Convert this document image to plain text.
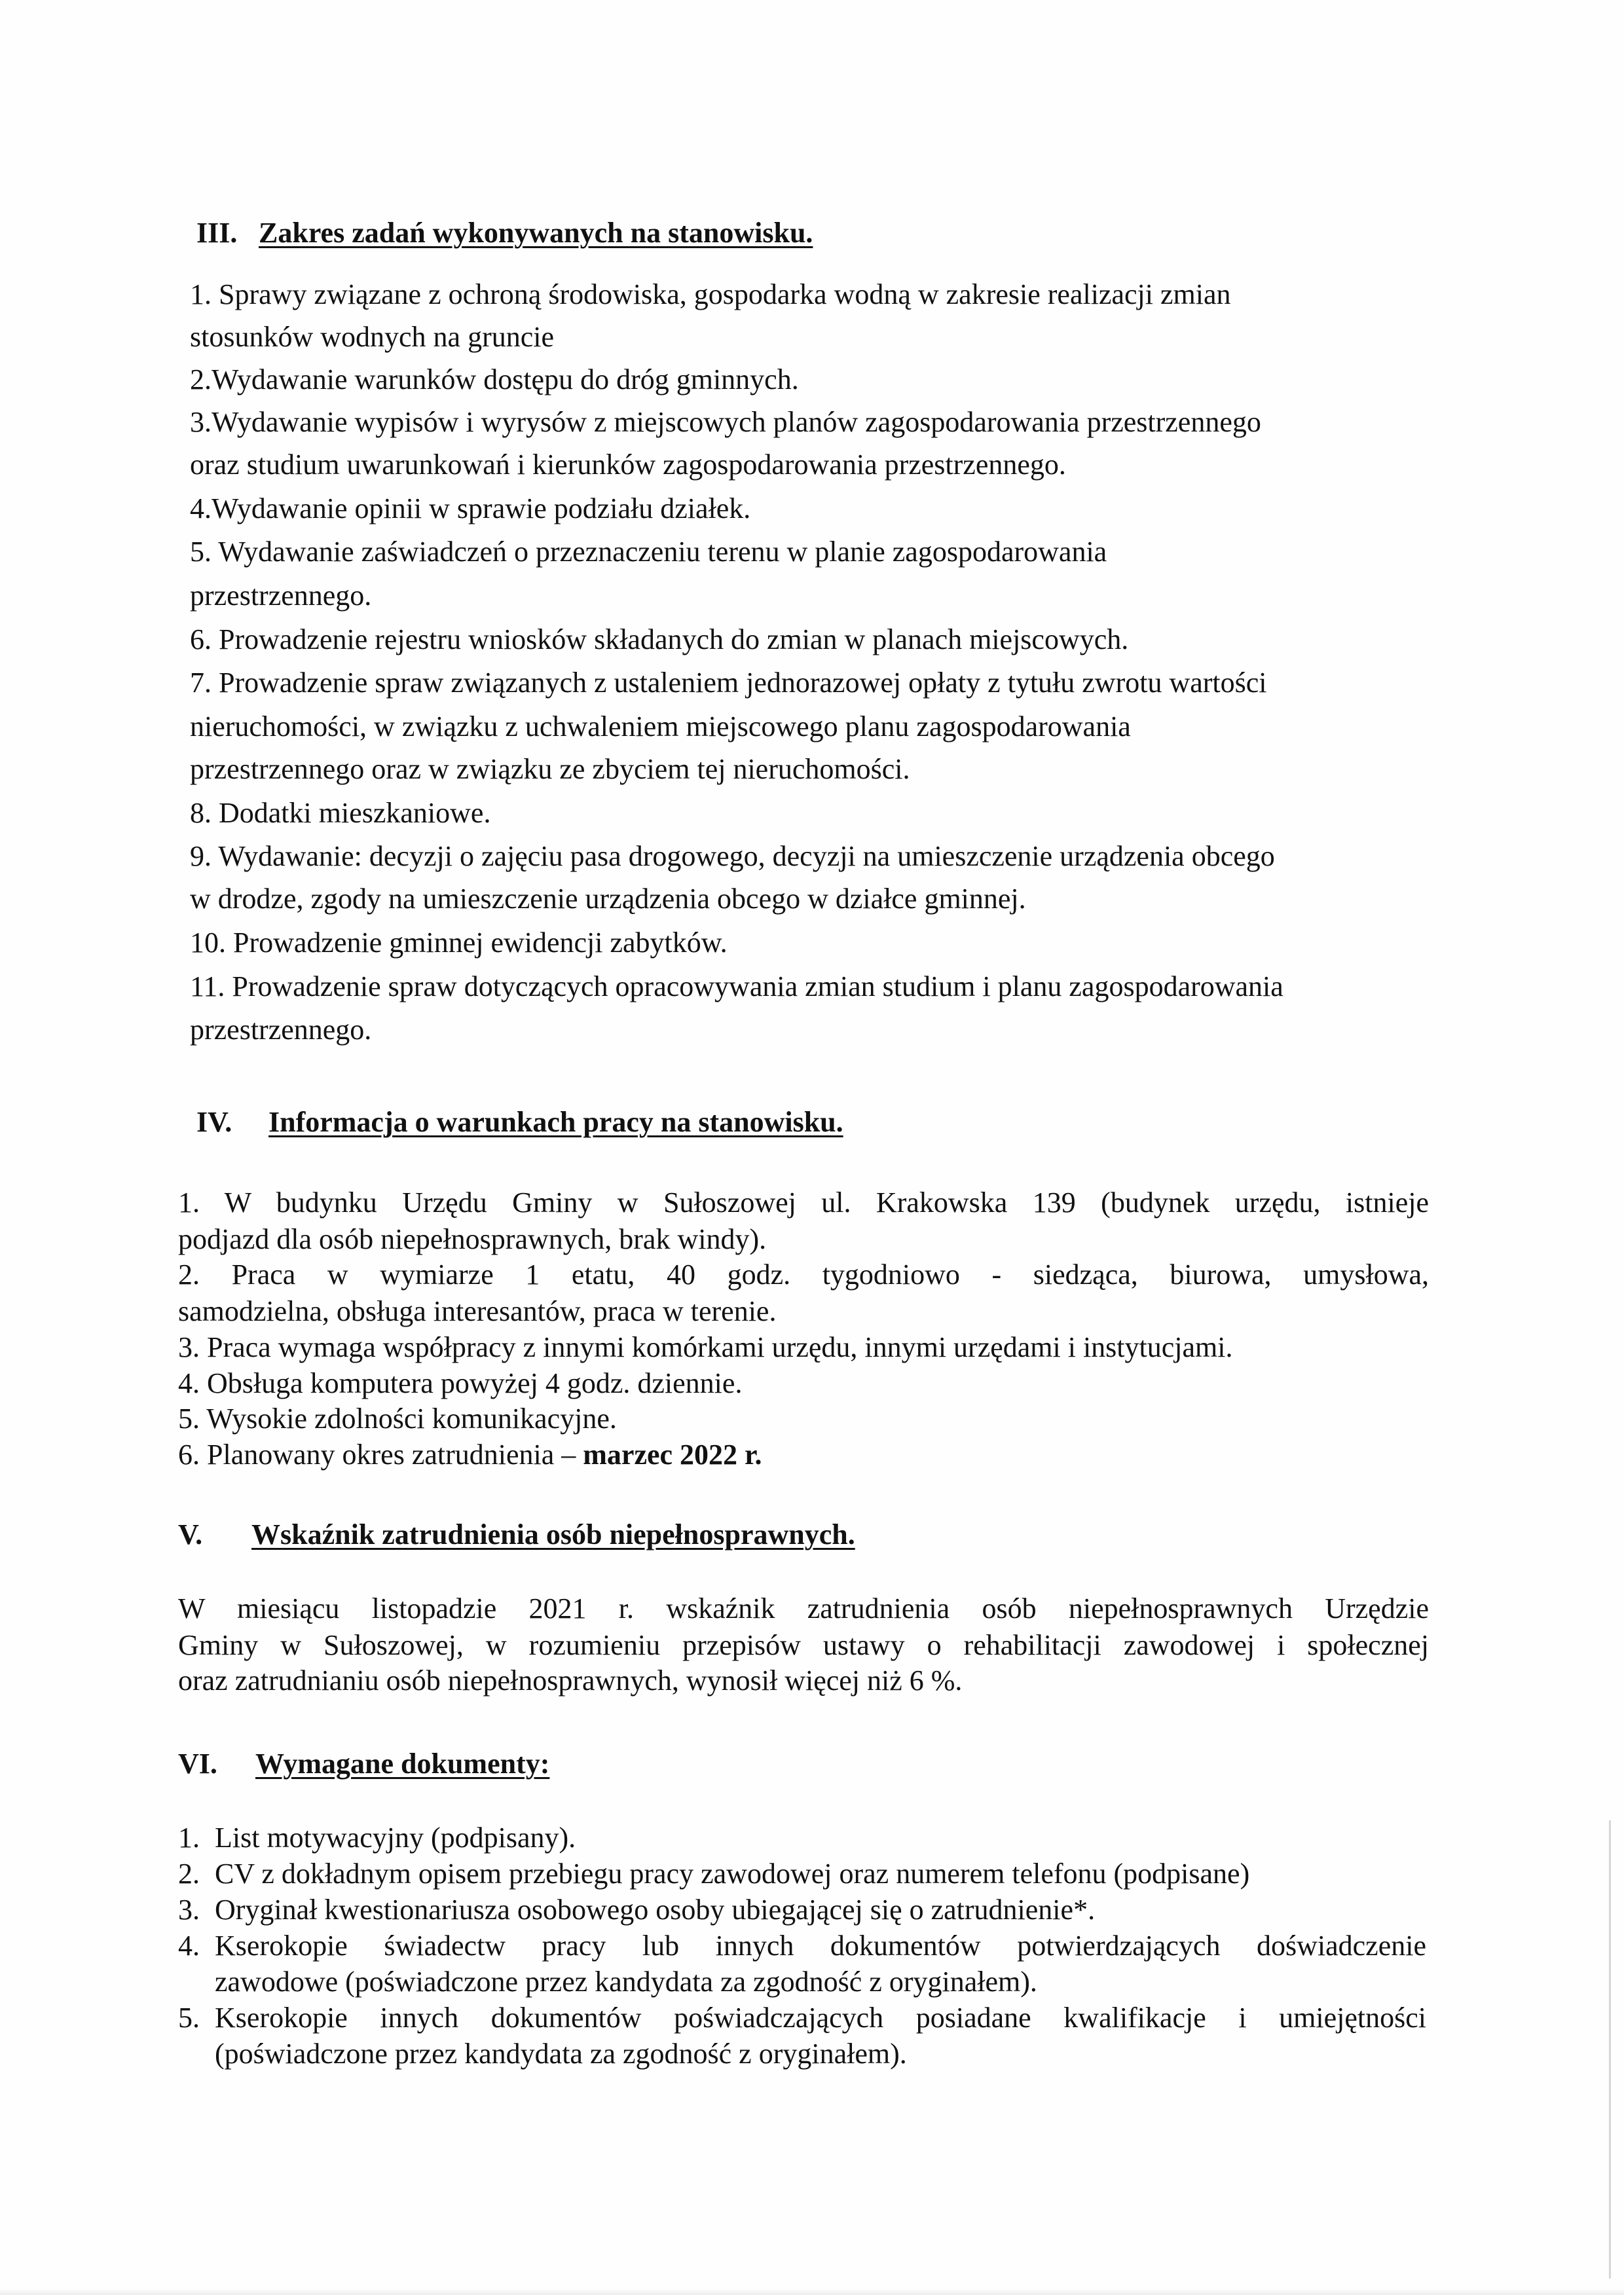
III. Zakres zadań wykonywanych na stanowisku.
1. Sprawy związane z ochroną środowiska, gospodarka wodną w zakresie realizacji zmian
stosunków wodnych na gruncie
2.Wydawanie warunków dostępu do dróg gminnych.
3.Wydawanie wypisów i wyrysów z miejscowych planów zagospodarowania przestrzennego
oraz studium uwarunkowań i kierunków zagospodarowania przestrzennego.
4.Wydawanie opinii w sprawie podziału działek.
5. Wydawanie zaświadczeń o przeznaczeniu terenu w planie zagospodarowania
przestrzennego.
6. Prowadzenie rejestru wniosków składanych do zmian w planach miejscowych.
7. Prowadzenie spraw związanych z ustaleniem jednorazowej opłaty z tytułu zwrotu wartości
nieruchomości, w związku z uchwaleniem miejscowego planu zagospodarowania
przestrzennego oraz w związku ze zbyciem tej nieruchomości.
8. Dodatki mieszkaniowe.
9. Wydawanie: decyzji o zajęciu pasa drogowego, decyzji na umieszczenie urządzenia obcego
w drodze, zgody na umieszczenie urządzenia obcego w działce gminnej.
10. Prowadzenie gminnej ewidencji zabytków.
11. Prowadzenie spraw dotyczących opracowywania zmian studium i planu zagospodarowania
przestrzennego.
IV. Informacja o warunkach pracy na stanowisku.
1. W budynku Urzędu Gminy w Sułoszowej ul. Krakowska 139 (budynek urzędu, istnieje
podjazd dla osób niepełnosprawnych, brak windy).
2. Praca w wymiarze 1 etatu, 40 godz. tygodniowo - siedząca, biurowa, umysłowa,
samodzielna, obsługa interesantów, praca w terenie.
3. Praca wymaga współpracy z innymi komórkami urzędu, innymi urzędami i instytucjami.
4. Obsługa komputera powyżej 4 godz. dziennie.
5. Wysokie zdolności komunikacyjne.
6. Planowany okres zatrudnienia – marzec 2022 r.
V. Wskaźnik zatrudnienia osób niepełnosprawnych.
W miesiącu listopadzie 2021 r. wskaźnik zatrudnienia osób niepełnosprawnych Urzędzie
Gminy w Sułoszowej, w rozumieniu przepisów ustawy o rehabilitacji zawodowej i społecznej
oraz zatrudnianiu osób niepełnosprawnych, wynosił więcej niż 6 %.
VI. Wymagane dokumenty:
1. List motywacyjny (podpisany).
2. CV z dokładnym opisem przebiegu pracy zawodowej oraz numerem telefonu (podpisane)
3. Oryginał kwestionariusza osobowego osoby ubiegającej się o zatrudnienie*.
4. Kserokopie świadectw pracy lub innych dokumentów potwierdzających doświadczenie
zawodowe (poświadczone przez kandydata za zgodność z oryginałem).
5. Kserokopie innych dokumentów poświadczających posiadane kwalifikacje i umiejętności
(poświadczone przez kandydata za zgodność z oryginałem).
